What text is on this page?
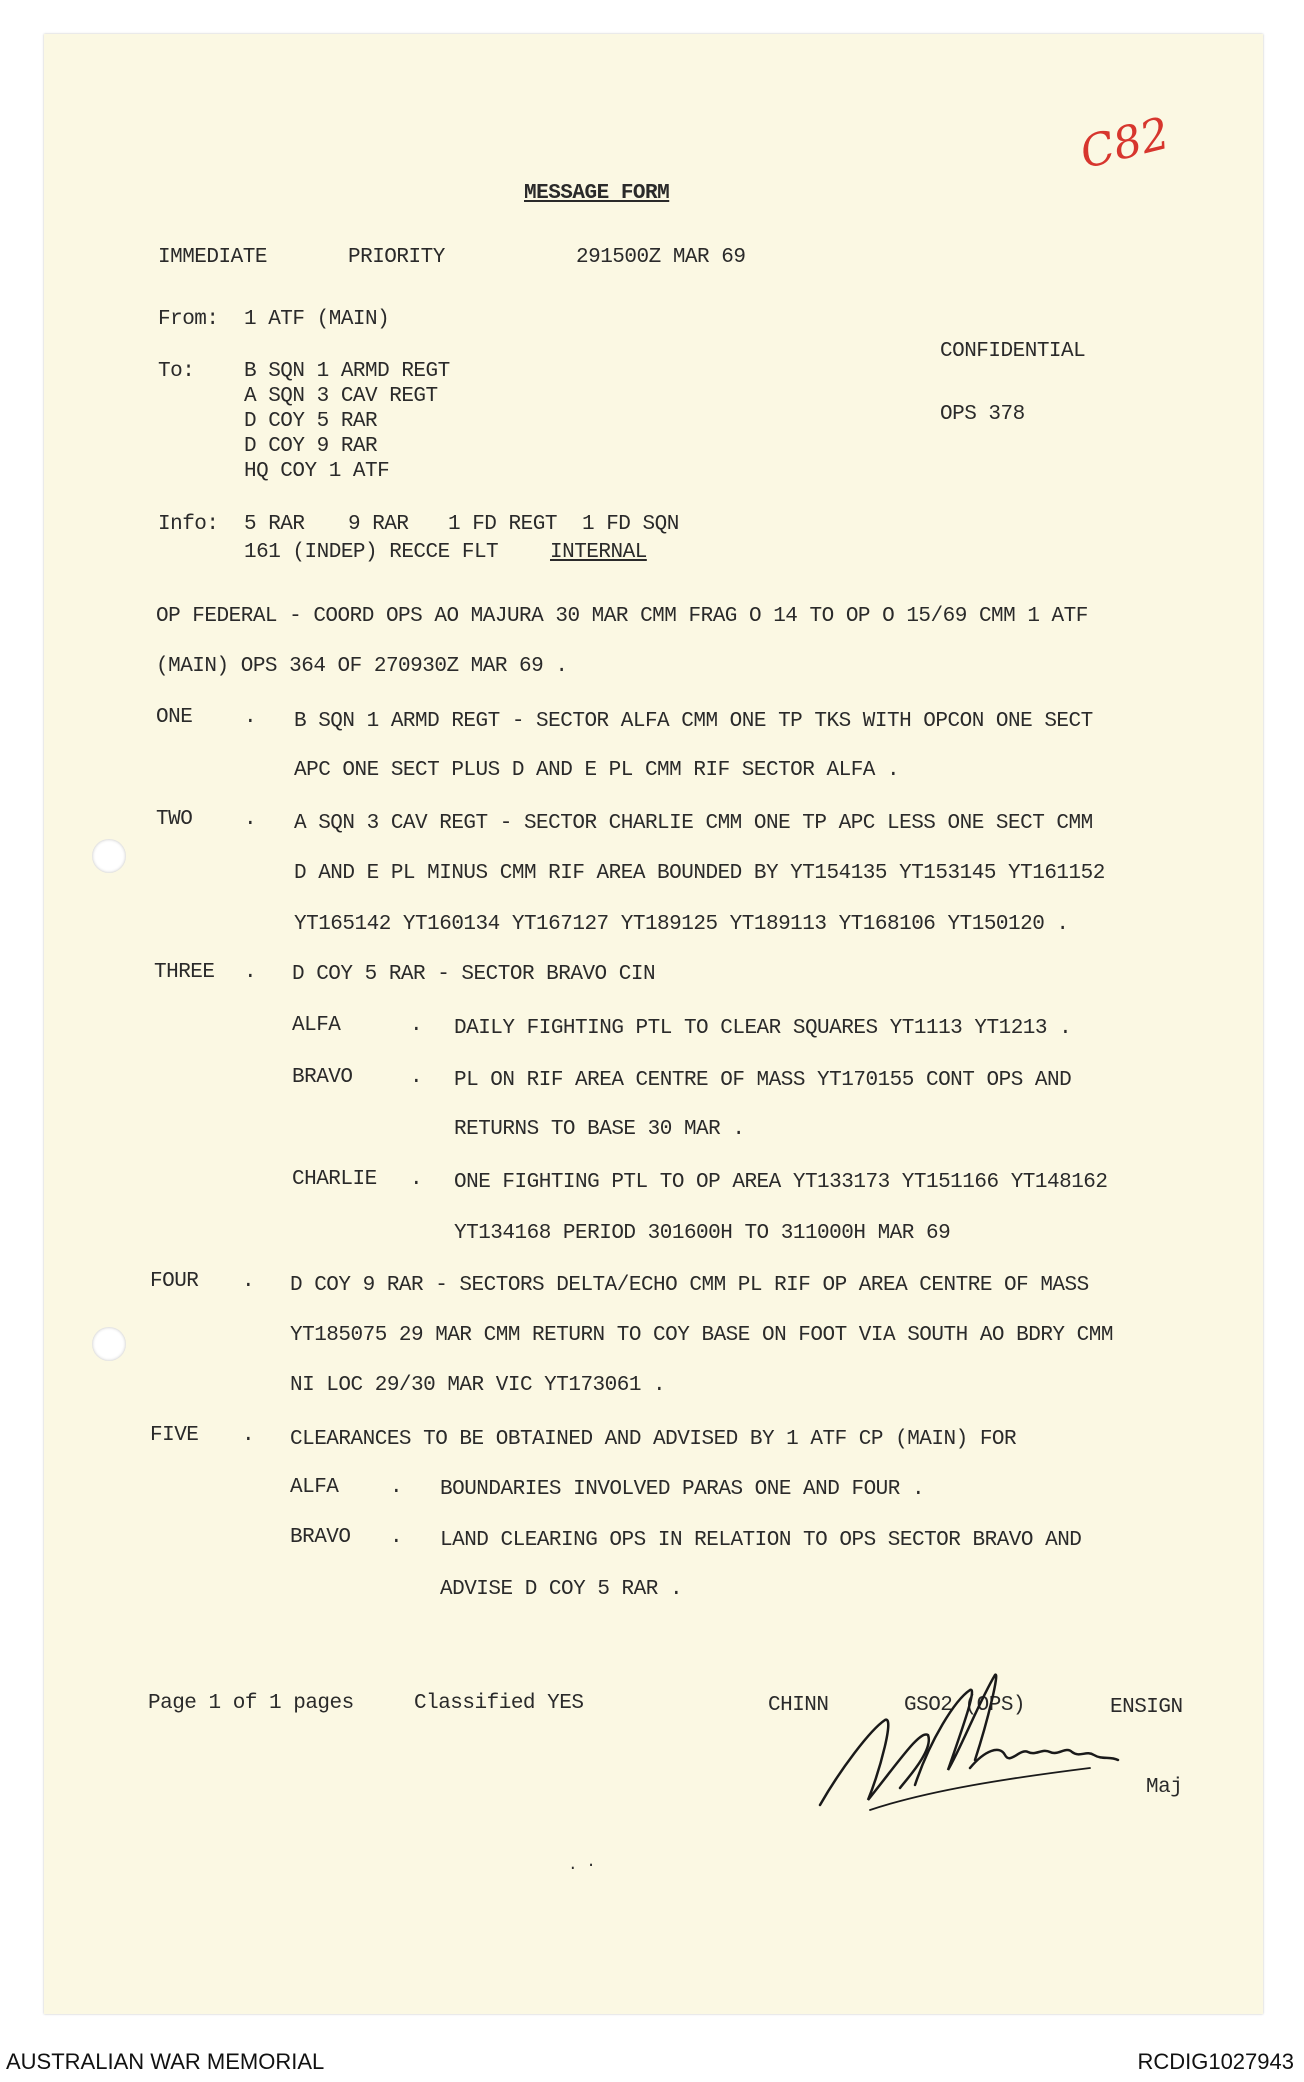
C82
MESSAGE FORM
IMMEDIATE	PRIORITY	291500Z MAR 69
From: 1 ATF (MAIN)
CONFIDENTIAL
OPS 378
To: B SQN 1 ARMD REGT
A SQN 3 CAV REGT
D COY 5 RAR
D COY 9 RAR
HQ COY 1 ATF
Info: 5 RAR 9 RAR 1 FD REGT 1 FD SQN
161 (INDEP) RECCE FLT INTERNAL
OP FEDERAL - COORD OPS AO MAJURA 30 MAR CMM FRAG O 14 TO OP O 15/69 CMM 1 ATF
(MAIN) OPS 364 OF 270930Z MAR 69 .
ONE . B SQN 1 ARMD REGT - SECTOR ALFA CMM ONE TP TKS WITH OPCON ONE SECT
APC ONE SECT PLUS D AND E PL CMM RIF SECTOR ALFA .
TWO . A SQN 3 CAV REGT - SECTOR CHARLIE CMM ONE TP APC LESS ONE SECT CMM
D AND E PL MINUS CMM RIF AREA BOUNDED BY YT154135 YT153145 YT161152
YT165142 YT160134 YT167127 YT189125 YT189113 YT168106 YT150120 .
THREE . D COY 5 RAR - SECTOR BRAVO CIN
ALFA	. DAILY FIGHTING PTL TO CLEAR SQUARES YT1113 YT1213 .
BRAVO	. PL ON RIF AREA CENTRE OF MASS YT170155 CONT OPS AND
RETURNS TO BASE 30 MAR .
CHARLIE . ONE FIGHTING PTL TO OP AREA YT133173 YT151166 YT148162
YT134168 PERIOD 301600H TO 311000H MAR 69
FOUR . D COY 9 RAR - SECTORS DELTA/ECHO CMM PL RIF OP AREA CENTRE OF MASS
YT185075 29 MAR CMM RETURN TO COY BASE ON FOOT VIA SOUTH AO BDRY CMM
NI LOC 29/30 MAR VIC YT173061 .
FIVE . CLEARANCES TO BE OBTAINED AND ADVISED BY 1 ATF CP (MAIN) FOR
ALFA . BOUNDARIES INVOLVED PARAS ONE AND FOUR .
BRAVO . LAND CLEARING OPS IN RELATION TO OPS SECTOR BRAVO AND
ADVISE D COY 5 RAR .
Page 1 of 1 pages	Classified YES	CHINN	GSO2 (OPS)	ENSIGN
Maj
. ·
AUSTRALIAN WAR MEMORIAL	RCDIG1027943
